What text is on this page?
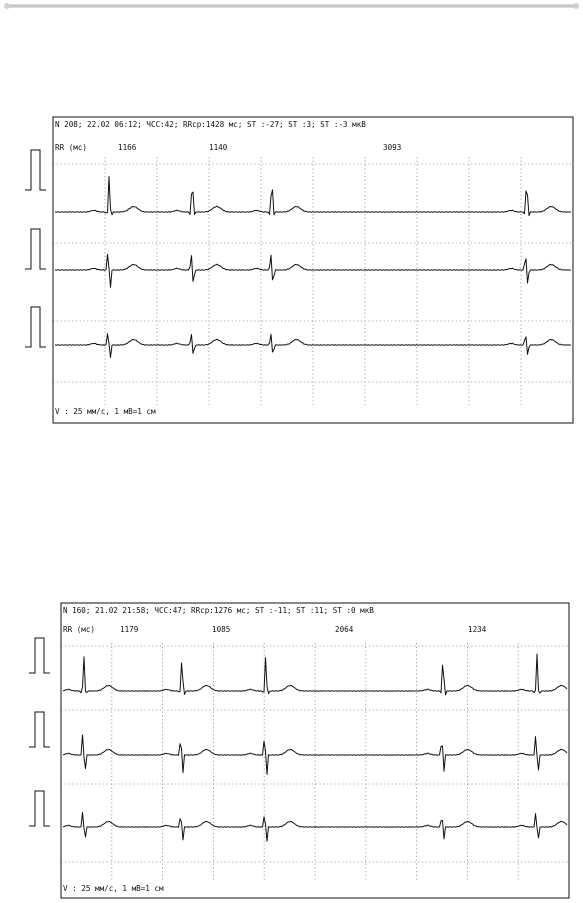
N 208; 22.02 06:12; ЧСС:42; RRср:1428 мс; ST :-27; ST :3; ST :-3 мкВ
RR (мс)	1166	1140	3093
V : 25 мм/с, 1 мВ=1 см
N 160; 21.02 21:58; ЧСС:47; RRср:1276 мс; ST :-11; ST :11; ST :0 мкВ
RR (мс)	1179	1085	2064	1234
V : 25 мм/с, 1 мВ=1 см
